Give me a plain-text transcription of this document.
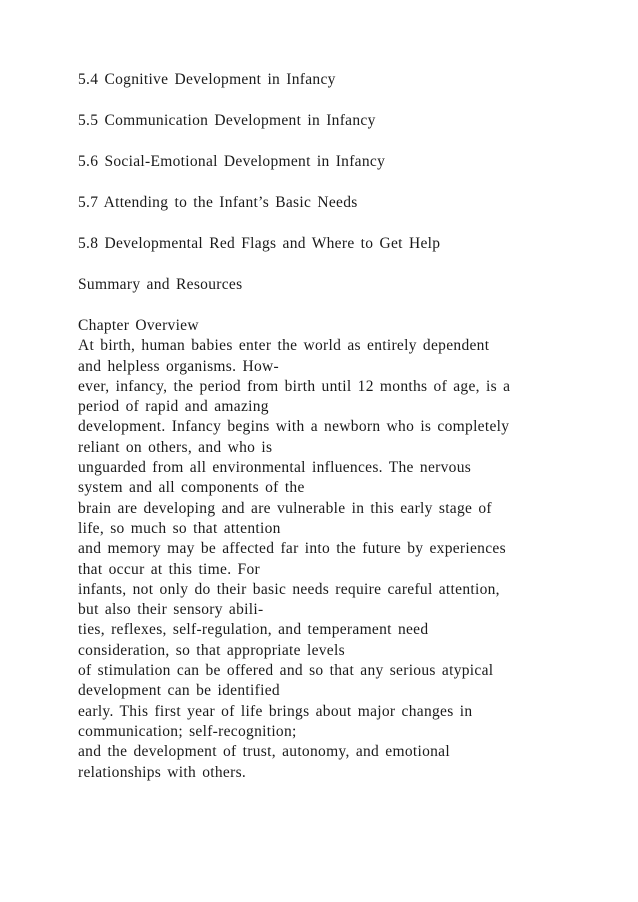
5.4 Cognitive Development in Infancy
5.5 Communication Development in Infancy
5.6 Social-Emotional Development in Infancy
5.7 Attending to the Infant’s Basic Needs
5.8 Developmental Red Flags and Where to Get Help
Summary and Resources
Chapter Overview
At birth, human babies enter the world as entirely dependent
and helpless organisms. How-
ever, infancy, the period from birth until 12 months of age, is a
period of rapid and amazing
development. Infancy begins with a newborn who is completely
reliant on others, and who is
unguarded from all environmental influences. The nervous
system and all components of the
brain are developing and are vulnerable in this early stage of
life, so much so that attention
and memory may be affected far into the future by experiences
that occur at this time. For
infants, not only do their basic needs require careful attention,
but also their sensory abili-
ties, reflexes, self-regulation, and temperament need
consideration, so that appropriate levels
of stimulation can be offered and so that any serious atypical
development can be identified
early. This first year of life brings about major changes in
communication; self-recognition;
and the development of trust, autonomy, and emotional
relationships with others.
